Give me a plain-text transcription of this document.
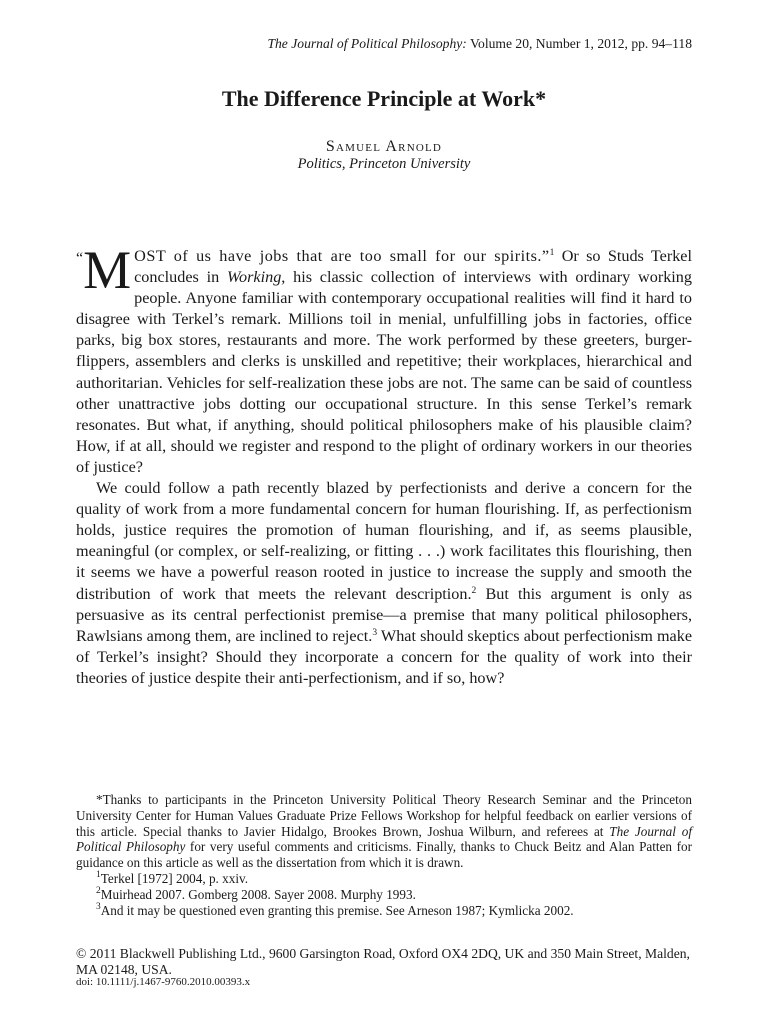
The Journal of Political Philosophy: Volume 20, Number 1, 2012, pp. 94–118
The Difference Principle at Work*
Samuel Arnold
Politics, Princeton University

“ M OST of us have jobs that are too small for our spirits.”$^1$ Or so Studs Terkel concludes in Working, his classic collection of interviews with ordinary working people. Anyone familiar with contemporary occupational realities will find it hard to disagree with Terkel’s remark. Millions toil in menial, unfulfilling jobs in factories, office parks, big box stores, restaurants and more. The work performed by these greeters, burger-flippers, assemblers and clerks is unskilled and repetitive; their workplaces, hierarchical and authoritarian. Vehicles for self-realization these jobs are not. The same can be said of countless other unattractive jobs dotting our occupational structure. In this sense Terkel’s remark resonates. But what, if anything, should political philosophers make of his plausible claim? How, if at all, should we register and respond to the plight of ordinary workers in our theories of justice?

We could follow a path recently blazed by perfectionists and derive a concern for the quality of work from a more fundamental concern for human flourishing. If, as perfectionism holds, justice requires the promotion of human flourishing, and if, as seems plausible, meaningful (or complex, or self-realizing, or fitting . . .) work facilitates this flourishing, then it seems we have a powerful reason rooted in justice to increase the supply and smooth the distribution of work that meets the relevant description.$^2$ But this argument is only as persuasive as its central perfectionist premise—a premise that many political philosophers, Rawlsians among them, are inclined to reject.$^3$ What should skeptics about perfectionism make of Terkel’s insight? Should they incorporate a concern for the quality of work into their theories of justice despite their anti-perfectionism, and if so, how?

*Thanks to participants in the Princeton University Political Theory Research Seminar and the Princeton University Center for Human Values Graduate Prize Fellows Workshop for helpful feedback on earlier versions of this article. Special thanks to Javier Hidalgo, Brookes Brown, Joshua Wilburn, and referees at The Journal of Political Philosophy for very useful comments and criticisms. Finally, thanks to Chuck Beitz and Alan Patten for guidance on this article as well as the dissertation from which it is drawn.

$^1$Terkel [1972] 2004, p. xxiv.

$^2$Muirhead 2007. Gomberg 2008. Sayer 2008. Murphy 1993.

$^3$And it may be questioned even granting this premise. See Arneson 1987; Kymlicka 2002.

© 2011 Blackwell Publishing Ltd., 9600 Garsington Road, Oxford OX4 2DQ, UK and 350 Main Street, Malden, MA 02148, USA.
doi: 10.1111/j.1467-9760.2010.00393.x
